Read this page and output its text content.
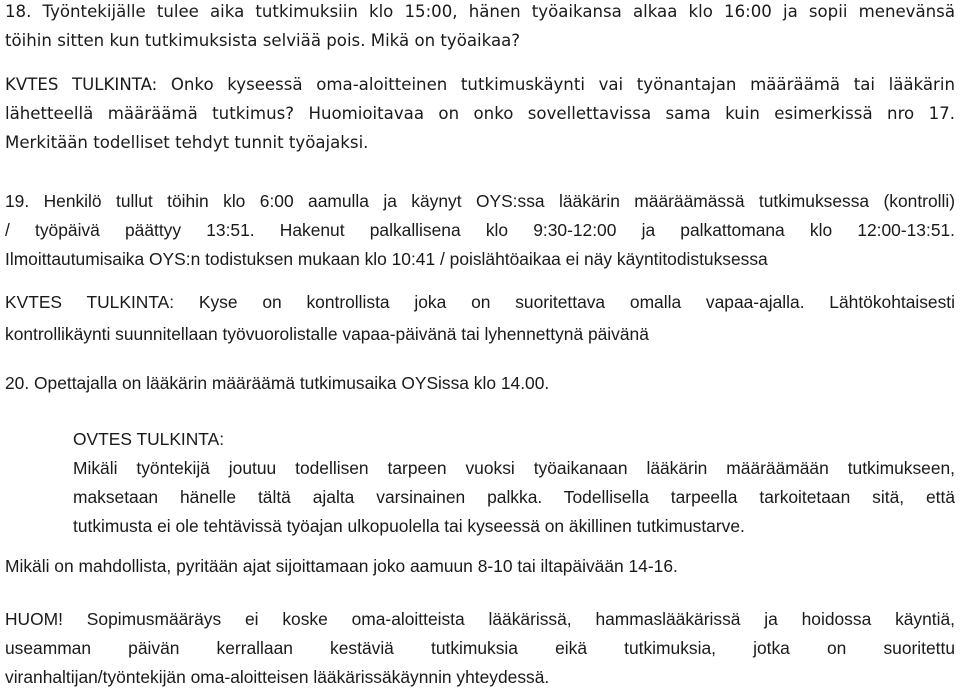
18. Työntekijälle tulee aika tutkimuksiin klo 15:00, hänen työaikansa alkaa klo 16:00 ja sopii menevänsä
töihin sitten kun tutkimuksista selviää pois. Mikä on työaikaa?
KVTES TULKINTA: Onko kyseessä oma-aloitteinen tutkimuskäynti vai työnantajan määräämä tai lääkärin
lähetteellä määräämä tutkimus? Huomioitavaa on onko sovellettavissa sama kuin esimerkissä nro 17.
Merkitään todelliset tehdyt tunnit työajaksi.
19. Henkilö tullut töihin klo 6:00 aamulla ja käynyt OYS:ssa lääkärin määräämässä tutkimuksessa (kontrolli)
/ työpäivä päättyy 13:51. Hakenut palkallisena klo 9:30-12:00 ja palkattomana klo 12:00-13:51.
Ilmoittautumisaika OYS:n todistuksen mukaan klo 10:41 / poislähtöaikaa ei näy käyntitodistuksessa
KVTES TULKINTA: Kyse on kontrollista joka on suoritettava omalla vapaa-ajalla. Lähtökohtaisesti
kontrollikäynti suunnitellaan työvuorolistalle vapaa-päivänä tai lyhennettynä päivänä
20. Opettajalla on lääkärin määräämä tutkimusaika OYSissa klo 14.00.
OVTES TULKINTA:
Mikäli työntekijä joutuu todellisen tarpeen vuoksi työaikanaan lääkärin määräämään tutkimukseen,
maksetaan hänelle tältä ajalta varsinainen palkka. Todellisella tarpeella tarkoitetaan sitä, että
tutkimusta ei ole tehtävissä työajan ulkopuolella tai kyseessä on äkillinen tutkimustarve.
Mikäli on mahdollista, pyritään ajat sijoittamaan joko aamuun 8-10 tai iltapäivään 14-16.
HUOM! Sopimusmääräys ei koske oma-aloitteista lääkärissä, hammaslääkärissä ja hoidossa käyntiä,
useamman päivän kerrallaan kestäviä tutkimuksia eikä tutkimuksia, jotka on suoritettu
viranhaltijan/työntekijän oma-aloitteisen lääkärissäkäynnin yhteydessä.
